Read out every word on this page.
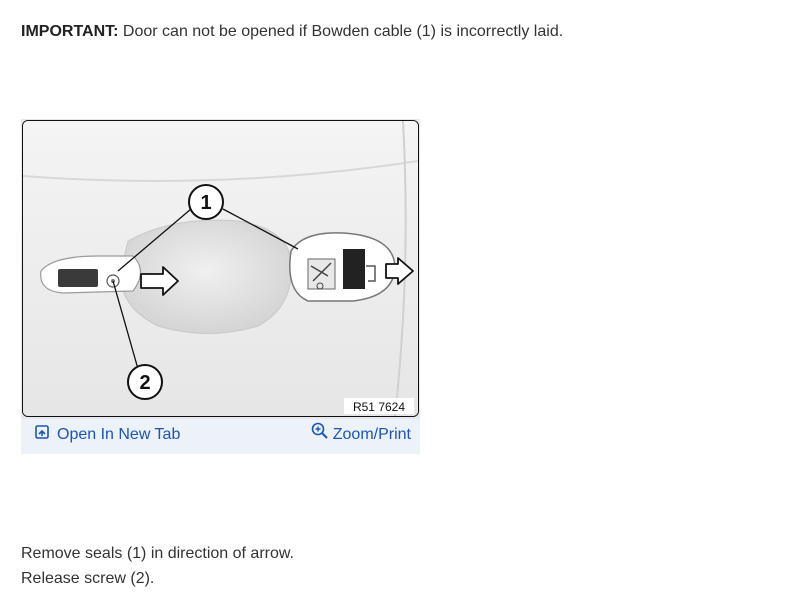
IMPORTANT: Door can not be opened if Bowden cable (1) is incorrectly laid.

1
2
R51 7624
Open In New Tab	Zoom/Print

Remove seals (1) in direction of arrow.

Release screw (2).
